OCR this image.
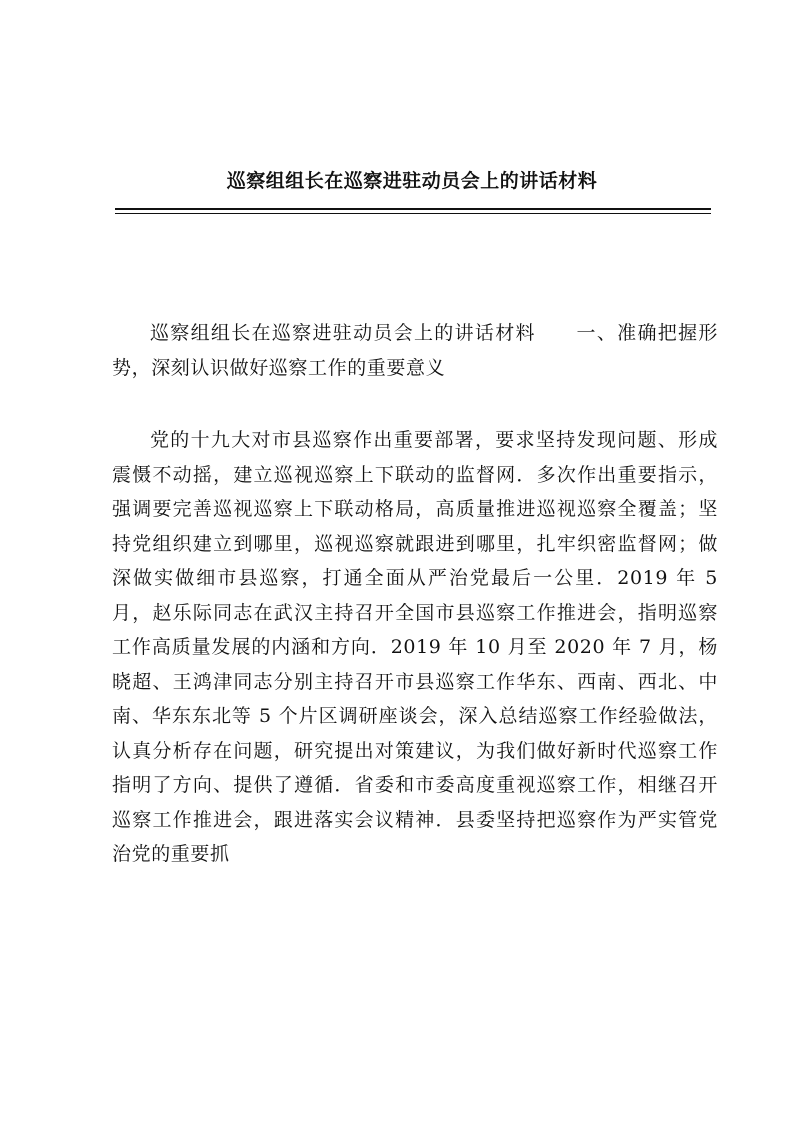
巡察组组长在巡察进驻动员会上的讲话材料

巡察组组长在巡察进驻动员会上的讲话材料 一、准确把握形势，深刻认识做好巡察工作的重要意义

党的十九大对市县巡察作出重要部署，要求坚持发现问题、形成震慑不动摇，建立巡视巡察上下联动的监督网．多次作出重要指示，强调要完善巡视巡察上下联动格局，高质量推进巡视巡察全覆盖；坚持党组织建立到哪里，巡视巡察就跟进到哪里，扎牢织密监督网；做深做实做细市县巡察，打通全面从严治党最后一公里．2019 年 5 月，赵乐际同志在武汉主持召开全国市县巡察工作推进会，指明巡察工作高质量发展的内涵和方向．2019 年 10 月至 2020 年 7 月，杨晓超、王鸿津同志分别主持召开市县巡察工作华东、西南、西北、中南、华东东北等 5 个片区调研座谈会，深入总结巡察工作经验做法，认真分析存在问题，研究提出对策建议，为我们做好新时代巡察工作指明了方向、提供了遵循．省委和市委高度重视巡察工作，相继召开巡察工作推进会，跟进落实会议精神．县委坚持把巡察作为严实管党治党的重要抓
